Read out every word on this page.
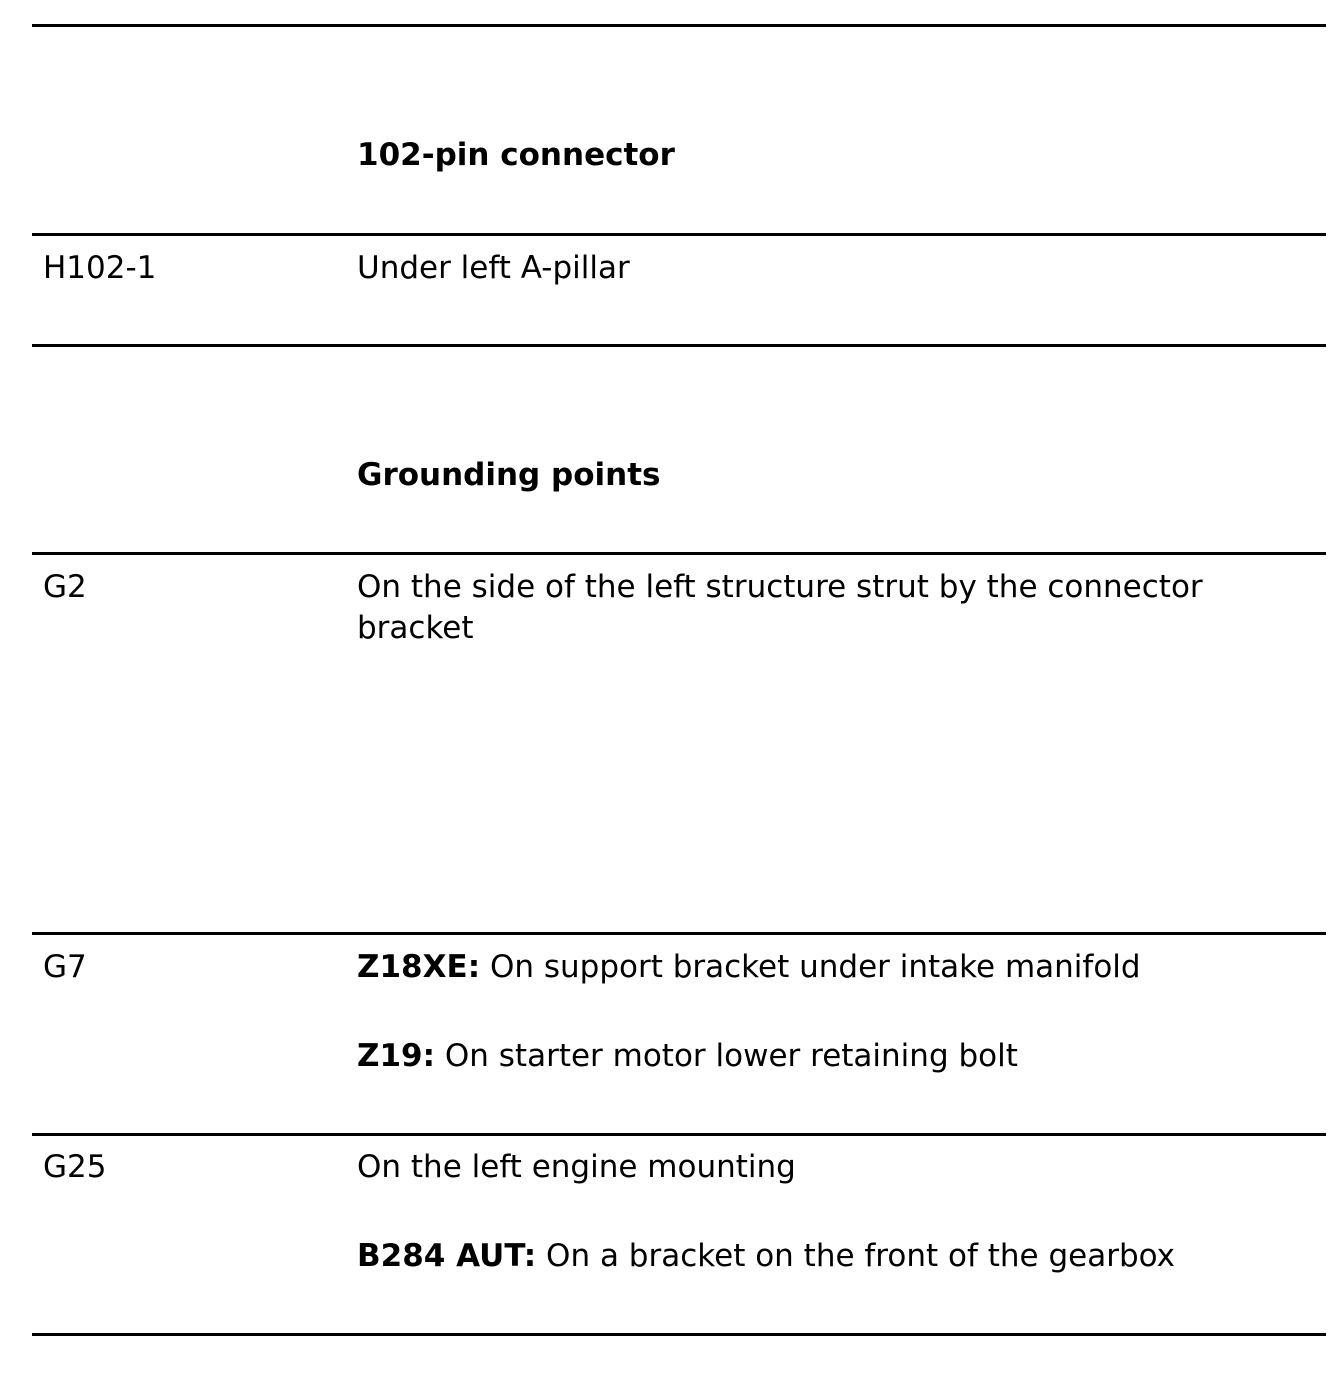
102-pin connector
H102-1	Under left A-pillar
Grounding points
G2	On the side of the left structure strut by the connector bracket
G7	Z18XE: On support bracket under intake manifold
Z19: On starter motor lower retaining bolt
G25	On the left engine mounting
B284 AUT: On a bracket on the front of the gearbox
